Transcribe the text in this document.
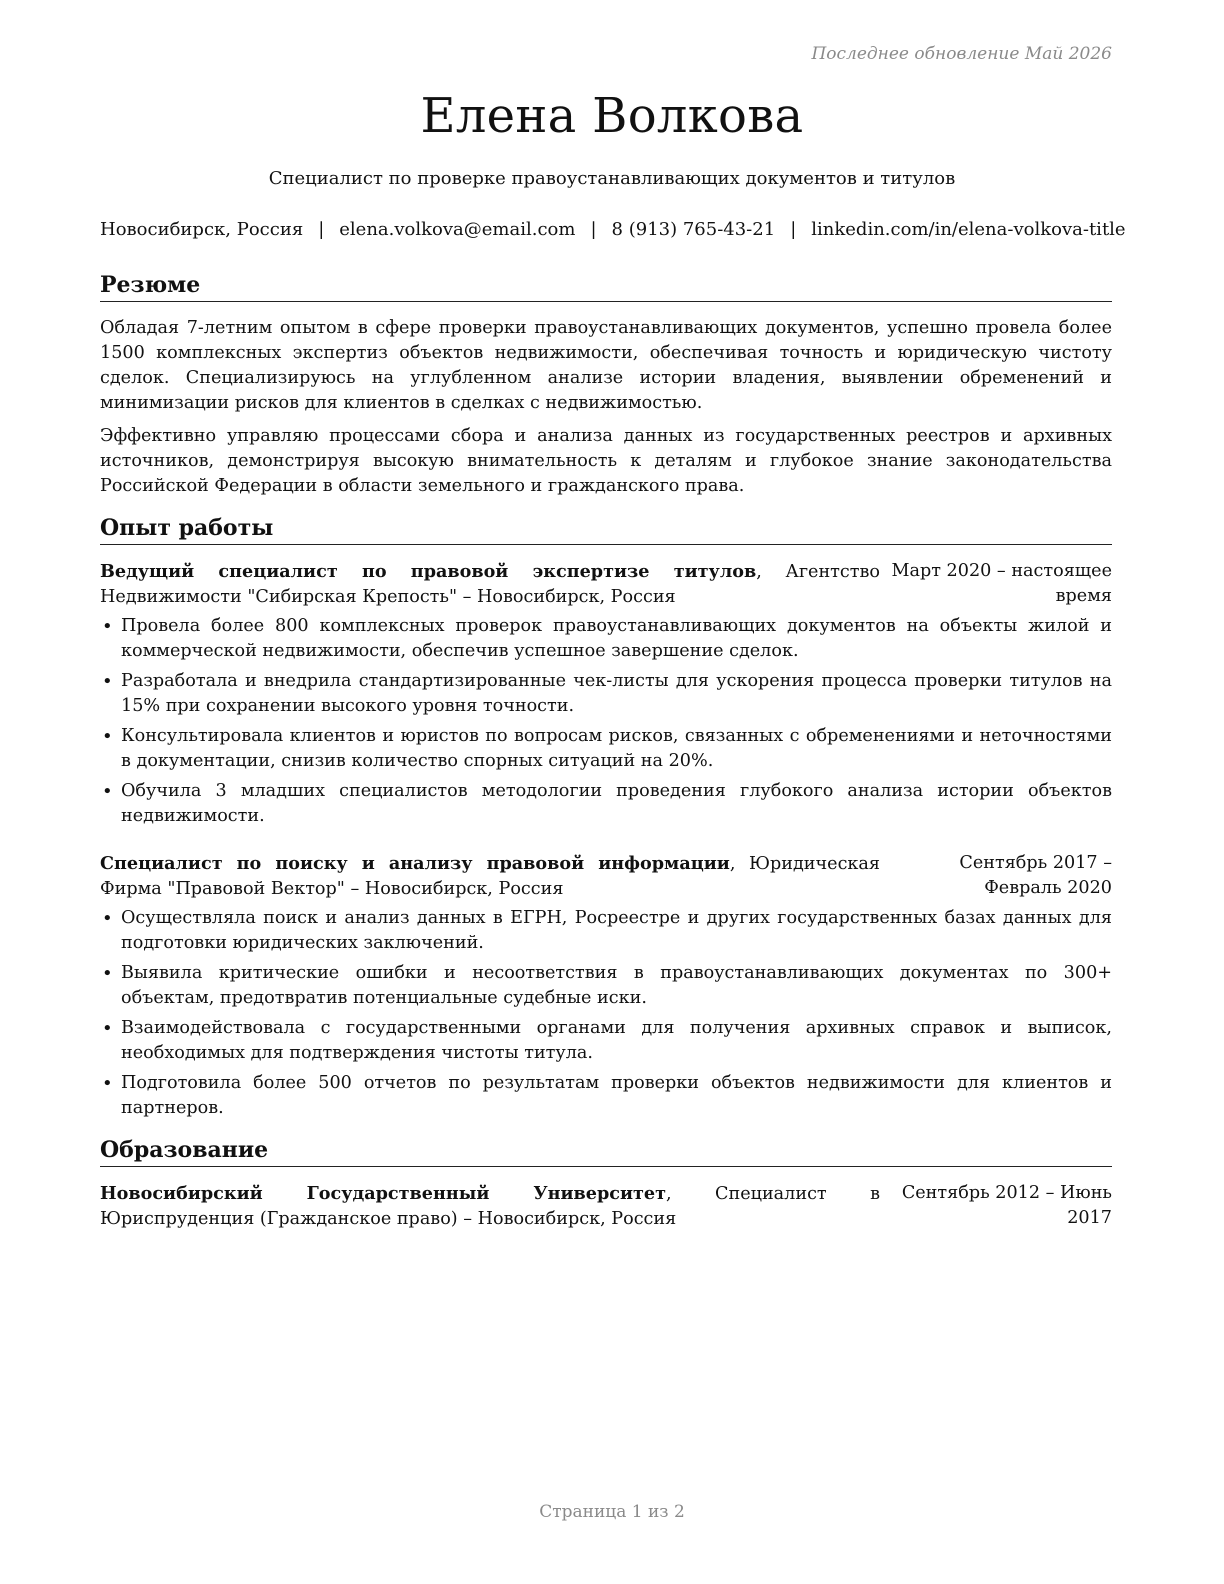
Последнее обновление Май 2026
Елена Волкова
Специалист по проверке правоустанавливающих документов и титулов
Новосибирск, Россия | elena.volkova@email.com | 8 (913) 765-43-21 | linkedin.com/in/elena-volkova-title
Резюме

Обладая 7-летним опытом в сфере проверки правоустанавливающих документов, успешно провела более 1500 комплексных экспертиз объектов недвижимости, обеспечивая точность и юридическую чистоту сделок. Специализируюсь на углубленном анализе истории владения, выявлении обременений и минимизации рисков для клиентов в сделках с недвижимостью.

Эффективно управляю процессами сбора и анализа данных из государственных реестров и архивных источников, демонстрируя высокую внимательность к деталям и глубокое знание законодательства Российской Федерации в области земельного и гражданского права.

Опыт работы
Ведущий специалист по правовой экспертизе титулов, Агентство Недвижимости "Сибирская Крепость" – Новосибирск, Россия
Март 2020 – настоящее время
• Провела более 800 комплексных проверок правоустанавливающих документов на объекты жилой и коммерческой недвижимости, обеспечив успешное завершение сделок.
• Разработала и внедрила стандартизированные чек-листы для ускорения процесса проверки титулов на 15% при сохранении высокого уровня точности.
• Консультировала клиентов и юристов по вопросам рисков, связанных с обременениями и неточностями в документации, снизив количество спорных ситуаций на 20%.
• Обучила 3 младших специалистов методологии проведения глубокого анализа истории объектов недвижимости.
Специалист по поиску и анализу правовой информации, Юридическая Фирма "Правовой Вектор" – Новосибирск, Россия
Сентябрь 2017 – Февраль 2020
• Осуществляла поиск и анализ данных в ЕГРН, Росреестре и других государственных базах данных для подготовки юридических заключений.
• Выявила критические ошибки и несоответствия в правоустанавливающих документах по 300+ объектам, предотвратив потенциальные судебные иски.
• Взаимодействовала с государственными органами для получения архивных справок и выписок, необходимых для подтверждения чистоты титула.
• Подготовила более 500 отчетов по результатам проверки объектов недвижимости для клиентов и партнеров.
Образование
Новосибирский Государственный Университет, Специалист в Юриспруденция (Гражданское право) – Новосибирск, Россия
Сентябрь 2012 – Июнь 2017
Страница 1 из 2
